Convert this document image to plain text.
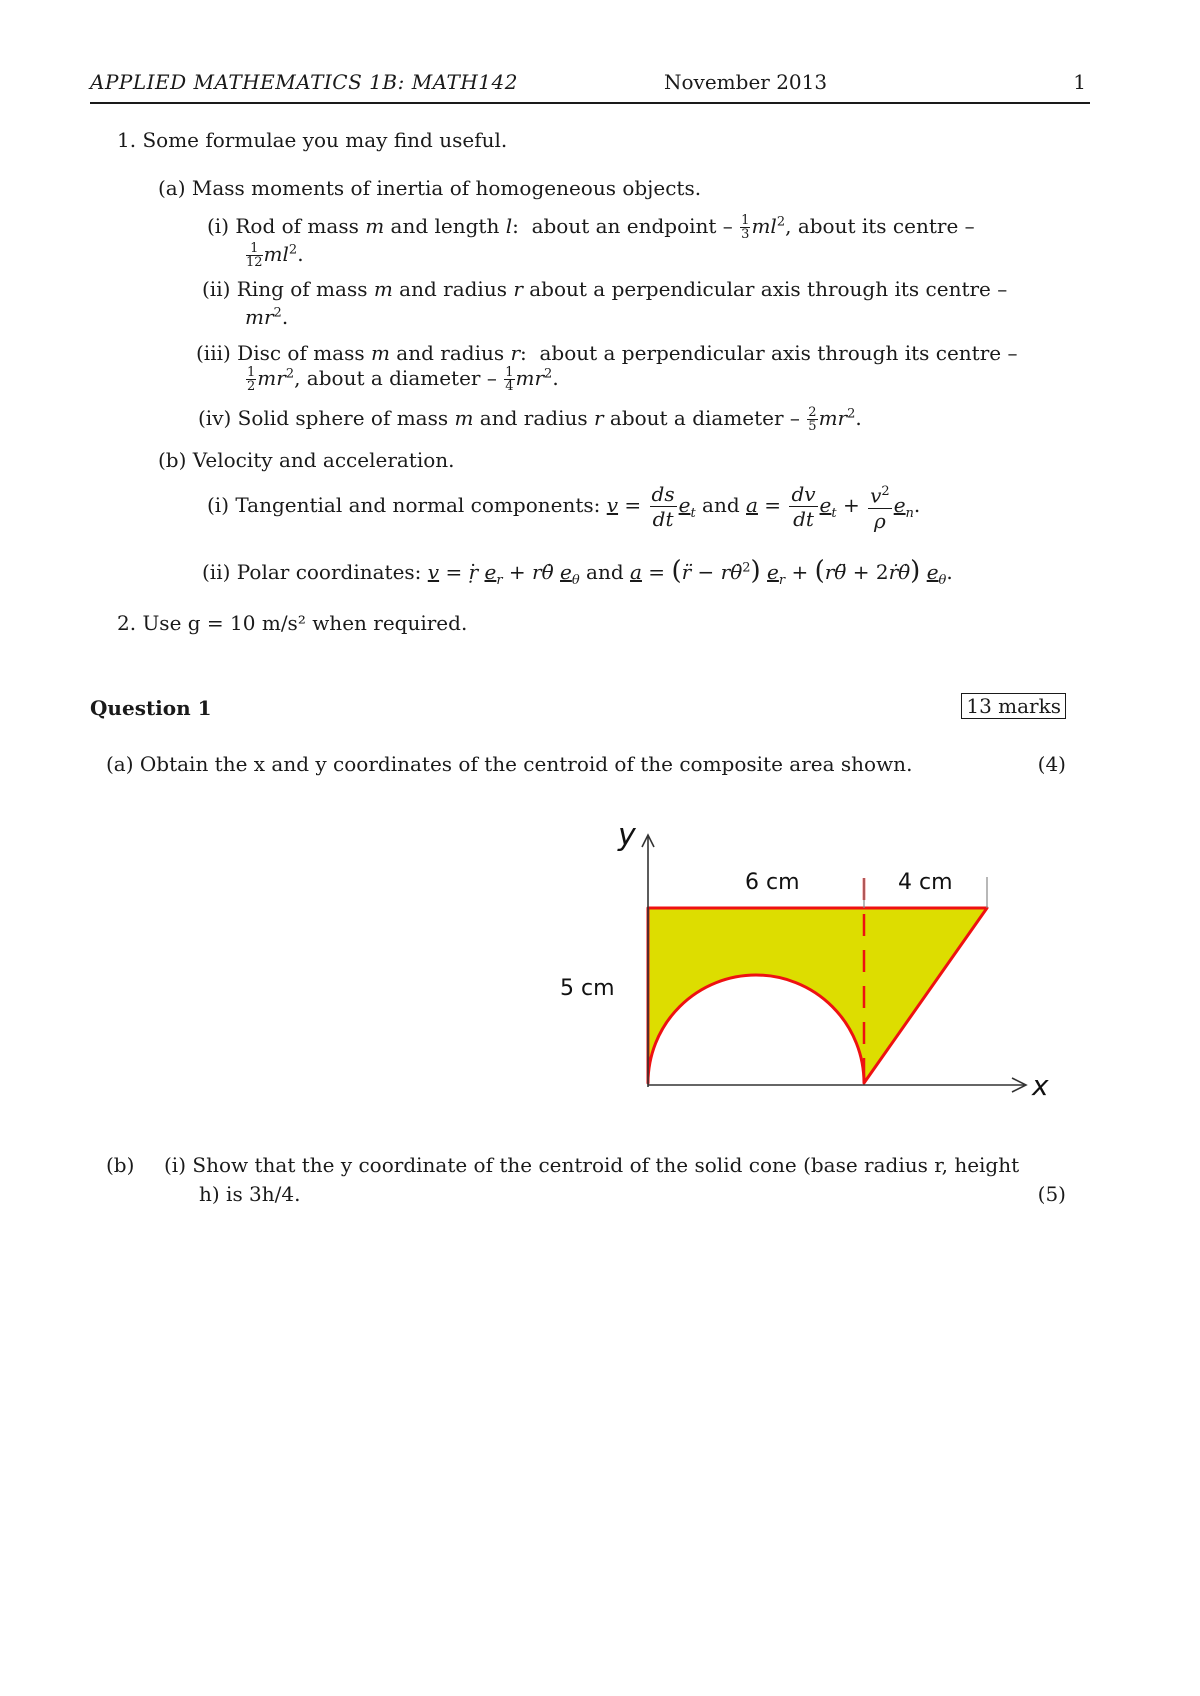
APPLIED MATHEMATICS 1B: MATH142	November 2013	1
1. Some formulae you may find useful.
(a) Mass moments of inertia of homogeneous objects.
(i) Rod of mass m and length l:  about an endpoint – $\frac{1}{3} ml^2$, about its centre –
$\frac{1}{12} ml^2$.
(ii) Ring of mass m and radius r about a perpendicular axis through its centre –
$mr^2$.
(iii) Disc of mass m and radius r:  about a perpendicular axis through its centre –
$\frac{1}{2} mr^2$, about a diameter – $\frac{1}{4} mr^2$.
(iv) Solid sphere of mass m and radius r about a diameter – $\frac{2}{5} mr^2$.
(b) Velocity and acceleration.
(i) Tangential and normal components: $v = \frac{ds}{dt} e_t$ and $a = \frac{dv}{dt} e_t + \frac{v^2}{\rho} e_n$.
(ii) Polar coordinates: v = ṛ̇ $e_r$ + rθ̇ $e_\theta$ and a = (r̈ − rθ̇$^2$) $e_r$ + (rθ̈ + 2ṙθ̇) $e_\theta$.
2. Use g = 10 m/s² when required.
Question 1	13 marks
(a) Obtain the x and y coordinates of the centroid of the composite area shown.	(4)
y
x
6 cm	4 cm
5 cm
(b) (i) Show that the y coordinate of the centroid of the solid cone (base radius r, height
h) is 3h/4.	(5)
